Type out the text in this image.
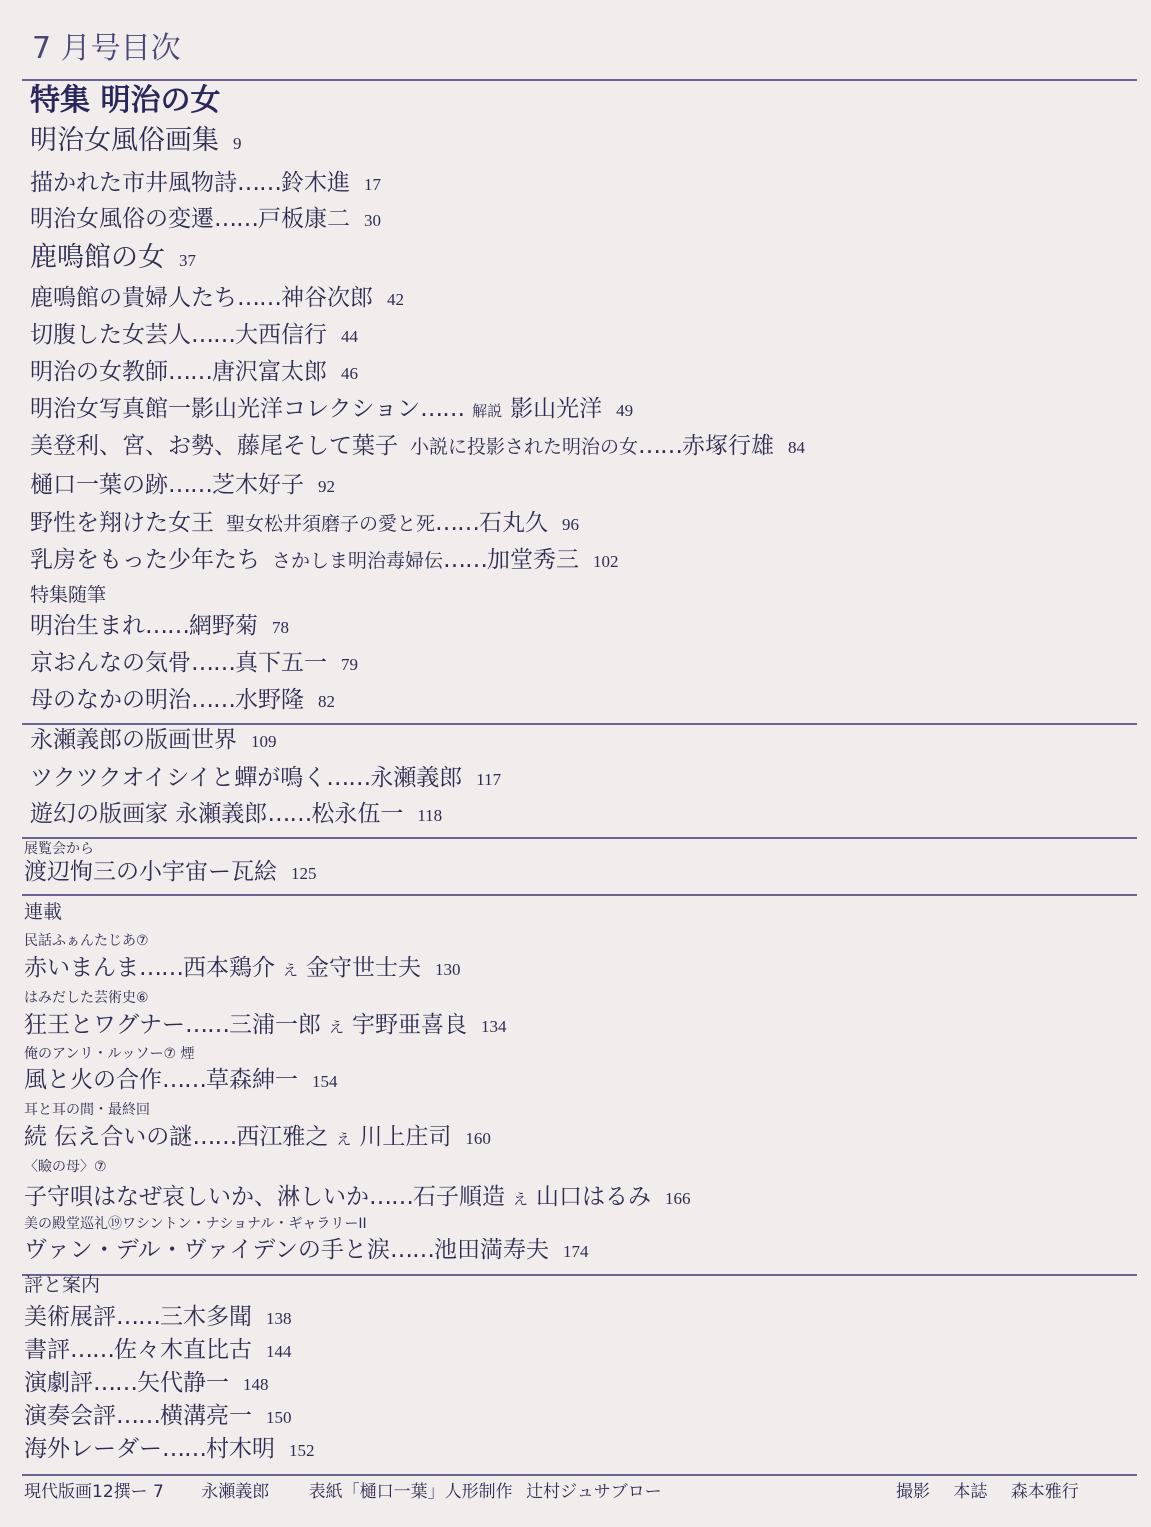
7 月号目次
特集 明治の女
明治女風俗画集 9
描かれた市井風物詩……鈴木進 17
明治女風俗の変遷……戸板康二 30
鹿鳴館の女 37
鹿鳴館の貴婦人たち……神谷次郎 42
切腹した女芸人……大西信行 44
明治の女教師……唐沢富太郎 46
明治女写真館一影山光洋コレクション…… 解説 影山光洋 49
美登利、宮、お勢、藤尾そして葉子 小説に投影された明治の女……赤塚行雄 84
樋口一葉の跡……芝木好子 92
野性を翔けた女王 聖女松井須磨子の愛と死……石丸久 96
乳房をもった少年たち さかしま明治毒婦伝……加堂秀三 102
特集随筆
明治生まれ……網野菊 78
京おんなの気骨……真下五一 79
母のなかの明治……水野隆 82
永瀬義郎の版画世界 109
ツクツクオイシイと蟬が鳴く……永瀬義郎 117
遊幻の版画家 永瀬義郎……松永伍一 118
展覧会から
渡辺恂三の小宇宙ー瓦絵 125
連載
民話ふぁんたじあ⑦
赤いまんま……西本鶏介 え 金守世士夫 130
はみだした芸術史⑥
狂王とワグナー……三浦一郎 え 宇野亜喜良 134
俺のアンリ・ルッソー⑦ 煙
風と火の合作……草森紳一 154
耳と耳の間・最終回
続 伝え合いの謎……西江雅之 え 川上庄司 160
〈瞼の母〉⑦
子守唄はなぜ哀しいか、淋しいか……石子順造 え 山口はるみ 166
美の殿堂巡礼⑲ワシントン・ナショナル・ギャラリーII
ヴァン・デル・ヴァイデンの手と涙……池田満寿夫 174
評と案内
美術展評……三木多聞 138
書評……佐々木直比古 144
演劇評……矢代静一 148
演奏会評……横溝亮一 150
海外レーダー……村木明 152
現代版画12撰ー 7 永瀬義郎 表紙「樋口一葉」人形制作 辻村ジュサブロー	撮影 本誌 森本雅行
